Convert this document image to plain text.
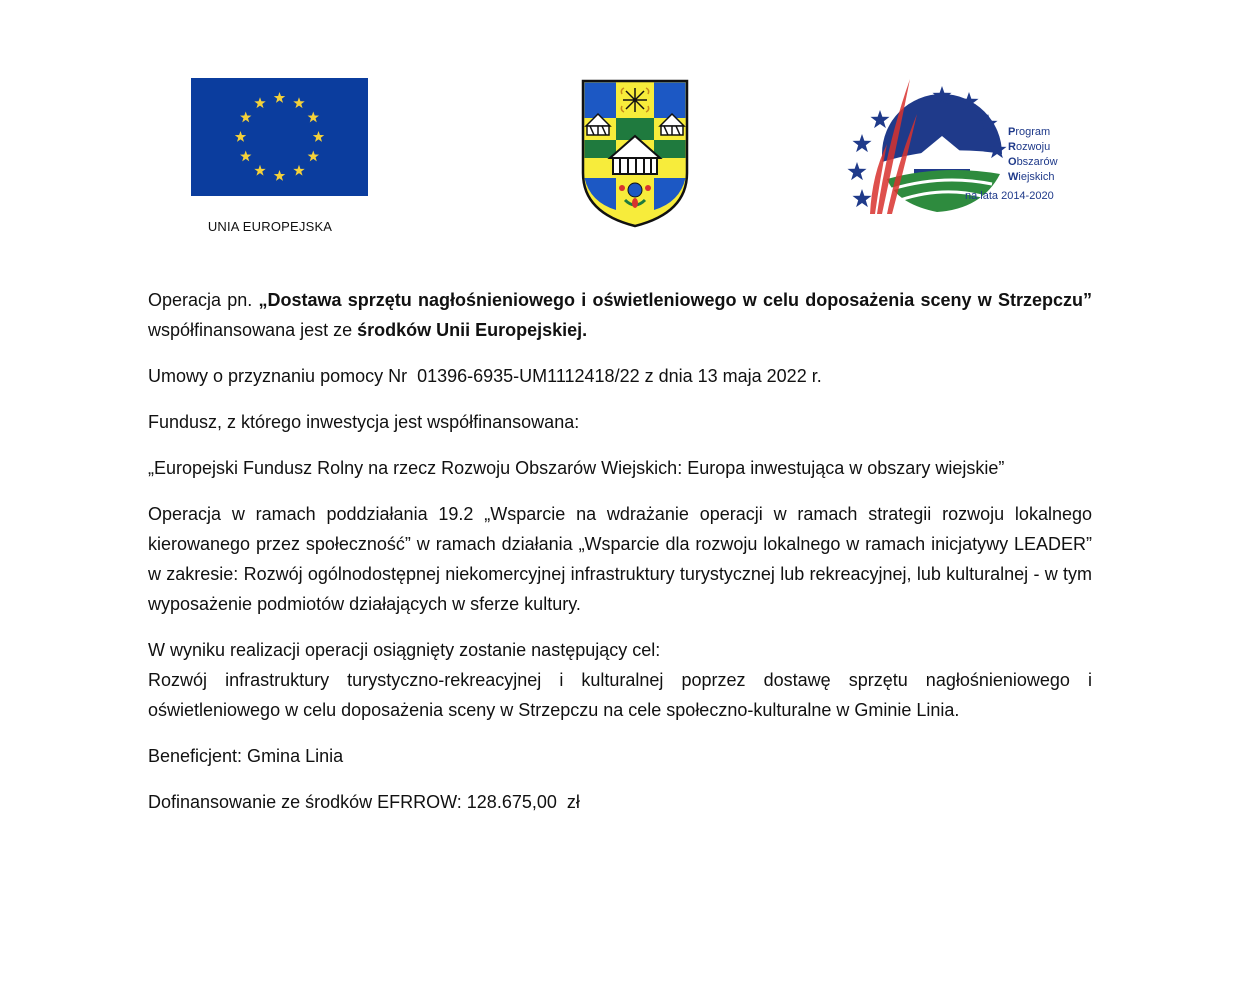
UNIA EUROPEJSKA
Program
Rozwoju
Obszarów
Wiejskich
na lata 2014-2020

Operacja pn. „Dostawa sprzętu nagłośnieniowego i oświetleniowego w celu doposażenia sceny w Strzepczu” współfinansowana jest ze środków Unii Europejskiej.

Umowy o przyznaniu pomocy Nr  01396-6935-UM1112418/22 z dnia 13 maja 2022 r.

Fundusz, z którego inwestycja jest współfinansowana:

„Europejski Fundusz Rolny na rzecz Rozwoju Obszarów Wiejskich: Europa inwestująca w obszary wiejskie”

Operacja w ramach poddziałania 19.2 „Wsparcie na wdrażanie operacji w ramach strategii rozwoju lokalnego kierowanego przez społeczność” w ramach działania „Wsparcie dla rozwoju lokalnego w ramach inicjatywy LEADER” w zakresie: Rozwój ogólnodostępnej niekomercyjnej infrastruktury turystycznej lub rekreacyjnej, lub kulturalnej - w tym wyposażenie podmiotów działających w sferze kultury.

W wyniku realizacji operacji osiągnięty zostanie następujący cel:

Rozwój infrastruktury turystyczno-rekreacyjnej i kulturalnej poprzez dostawę sprzętu nagłośnieniowego i oświetleniowego w celu doposażenia sceny w Strzepczu na cele społeczno-kulturalne w Gminie Linia.

Beneficjent: Gmina Linia

Dofinansowanie ze środków EFRROW: 128.675,00  zł
